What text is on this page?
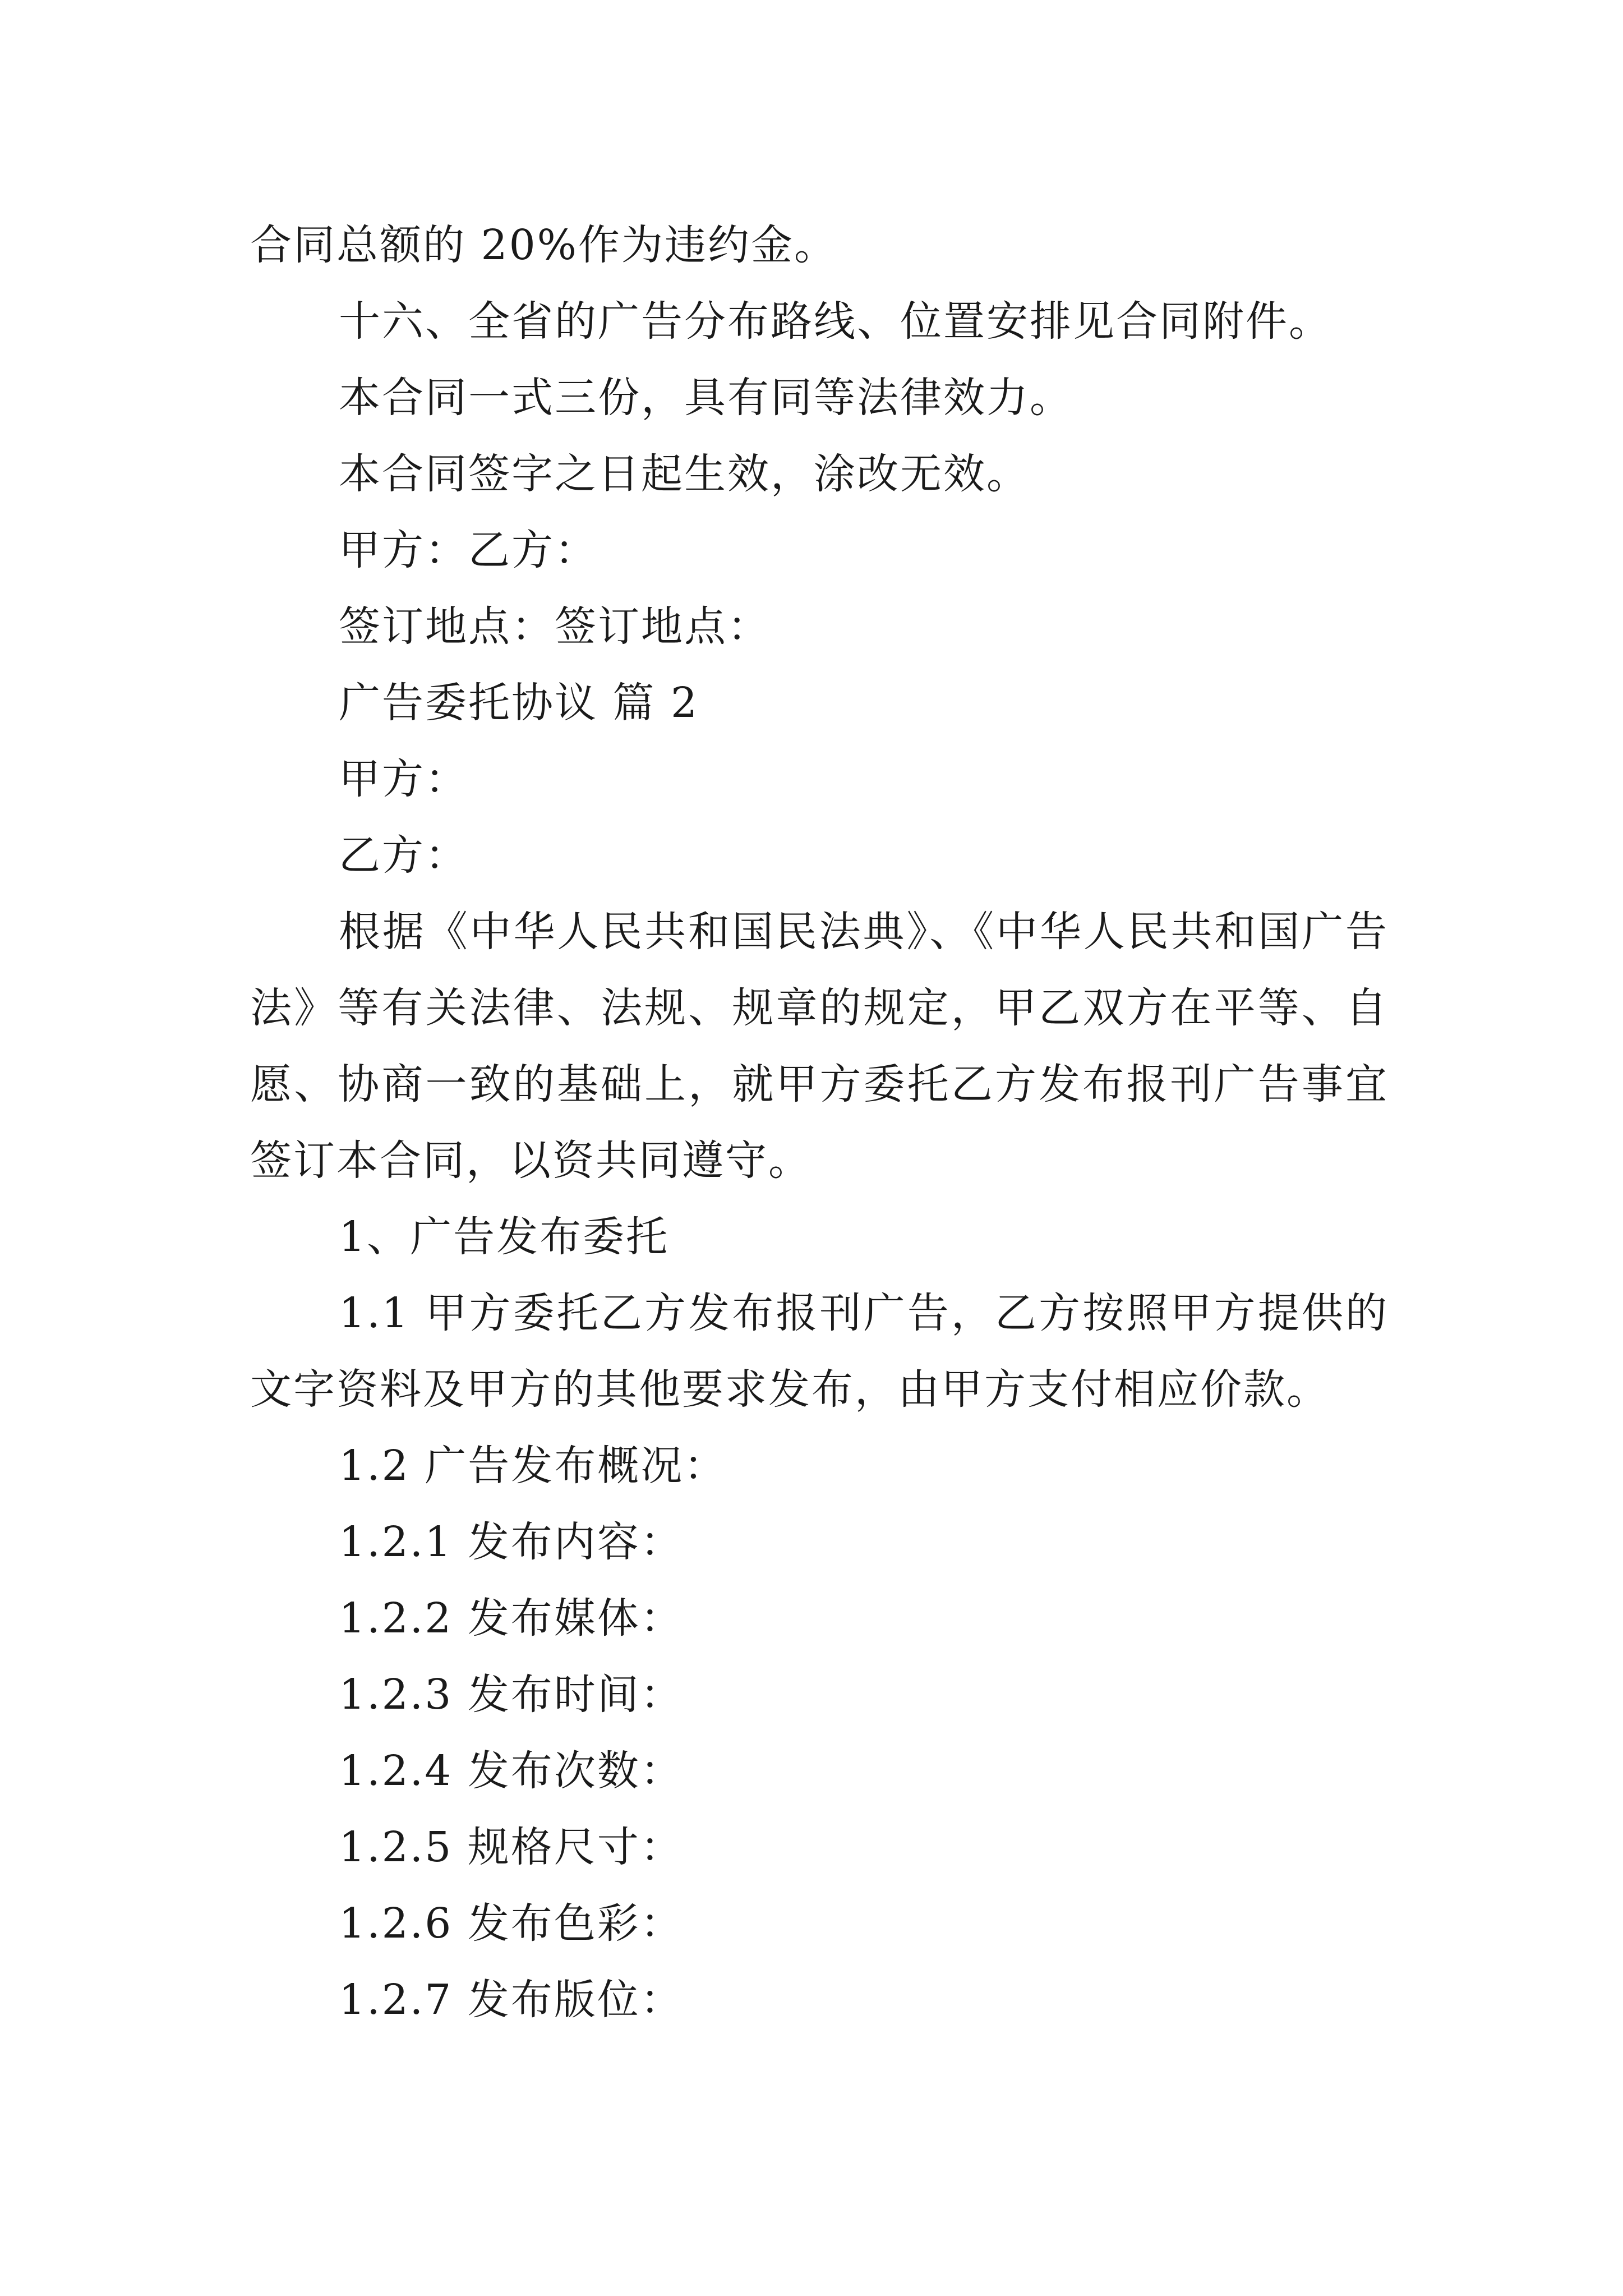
合同总额的 20%作为违约金。

十六、全省的广告分布路线、位置安排见合同附件。

本合同一式三份，具有同等法律效力。

本合同签字之日起生效，涂改无效。

甲方：乙方：

签订地点：签订地点：

广告委托协议 篇 2

甲方：

乙方：

根据《中华人民共和国民法典》、《中华人民共和国广告

法》等有关法律、法规、规章的规定，甲乙双方在平等、自

愿、协商一致的基础上，就甲方委托乙方发布报刊广告事宜

签订本合同，以资共同遵守。

1、广告发布委托

1.1 甲方委托乙方发布报刊广告，乙方按照甲方提供的

文字资料及甲方的其他要求发布，由甲方支付相应价款。

1.2 广告发布概况：

1.2.1 发布内容：

1.2.2 发布媒体：

1.2.3 发布时间：

1.2.4 发布次数：

1.2.5 规格尺寸：

1.2.6 发布色彩：

1.2.7 发布版位：
